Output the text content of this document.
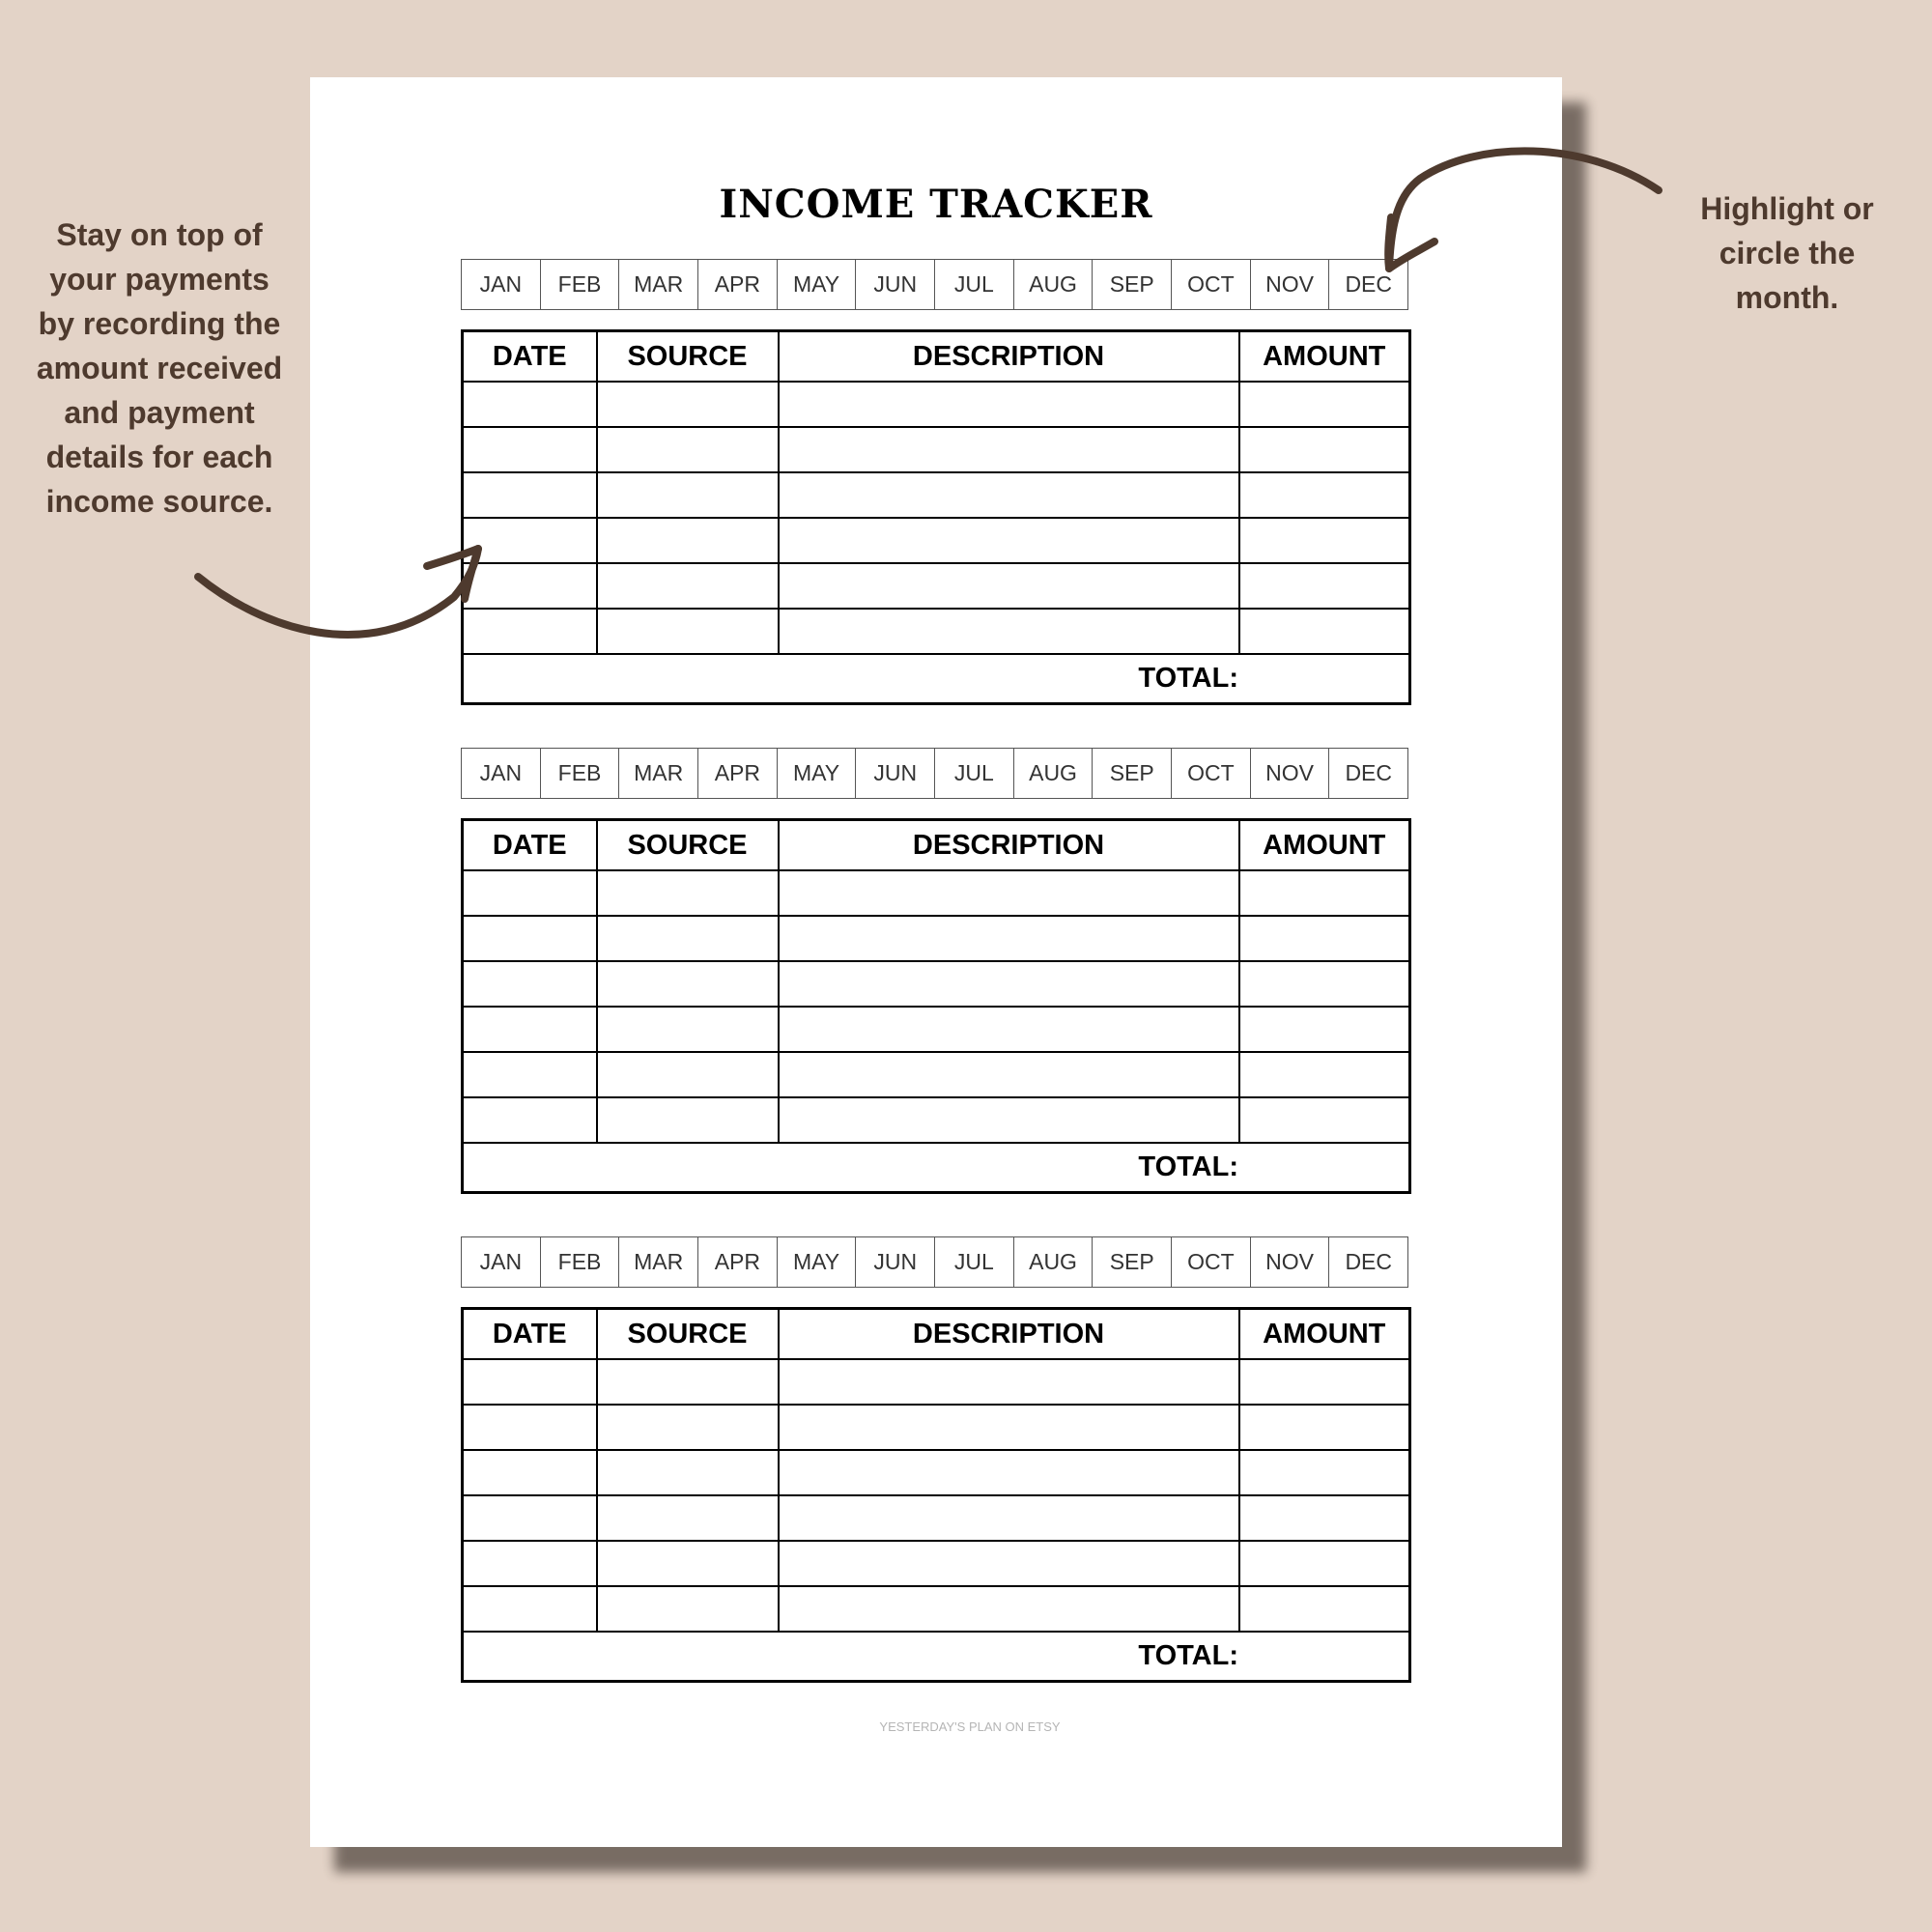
INCOME TRACKER
JAN	FEB	MAR	APR	MAY	JUN	JUL	AUG	SEP	OCT	NOV	DEC
DATE	SOURCE	DESCRIPTION	AMOUNT

TOTAL:			
JAN	FEB	MAR	APR	MAY	JUN	JUL	AUG	SEP	OCT	NOV	DEC
DATE	SOURCE	DESCRIPTION	AMOUNT

TOTAL:			
JAN	FEB	MAR	APR	MAY	JUN	JUL	AUG	SEP	OCT	NOV	DEC
DATE	SOURCE	DESCRIPTION	AMOUNT

TOTAL:			
YESTERDAY'S PLAN ON ETSY
Stay on top of your payments by recording the amount received and payment details for each income source.
Highlight or circle the month.
